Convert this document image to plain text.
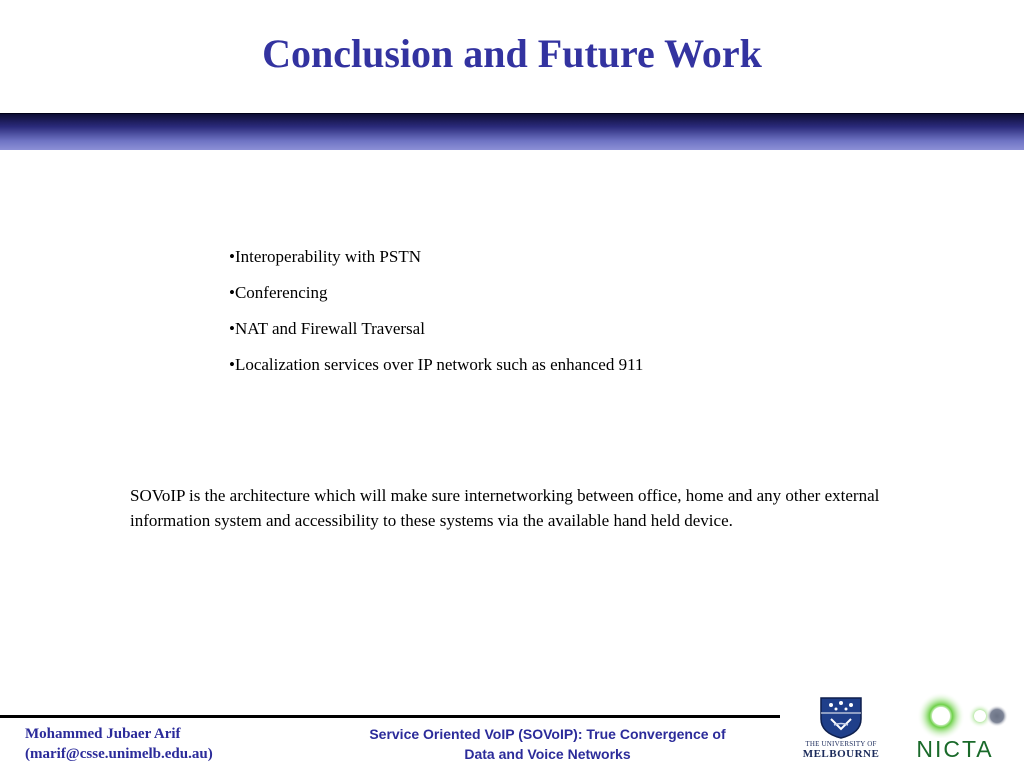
Conclusion and Future Work
•Interoperability with PSTN
•Conferencing
•NAT and Firewall Traversal
•Localization services over IP network such as enhanced 911

SOVoIP is the architecture which will make sure internetworking between office, home and any other external information system and accessibility to these systems via the available hand held device.

Mohammed Jubaer Arif
(marif@csse.unimelb.edu.au)
Service Oriented VoIP (SOVoIP): True Convergence of
Data and Voice Networks
THE UNIVERSITY OF
MELBOURNE	NICTA
